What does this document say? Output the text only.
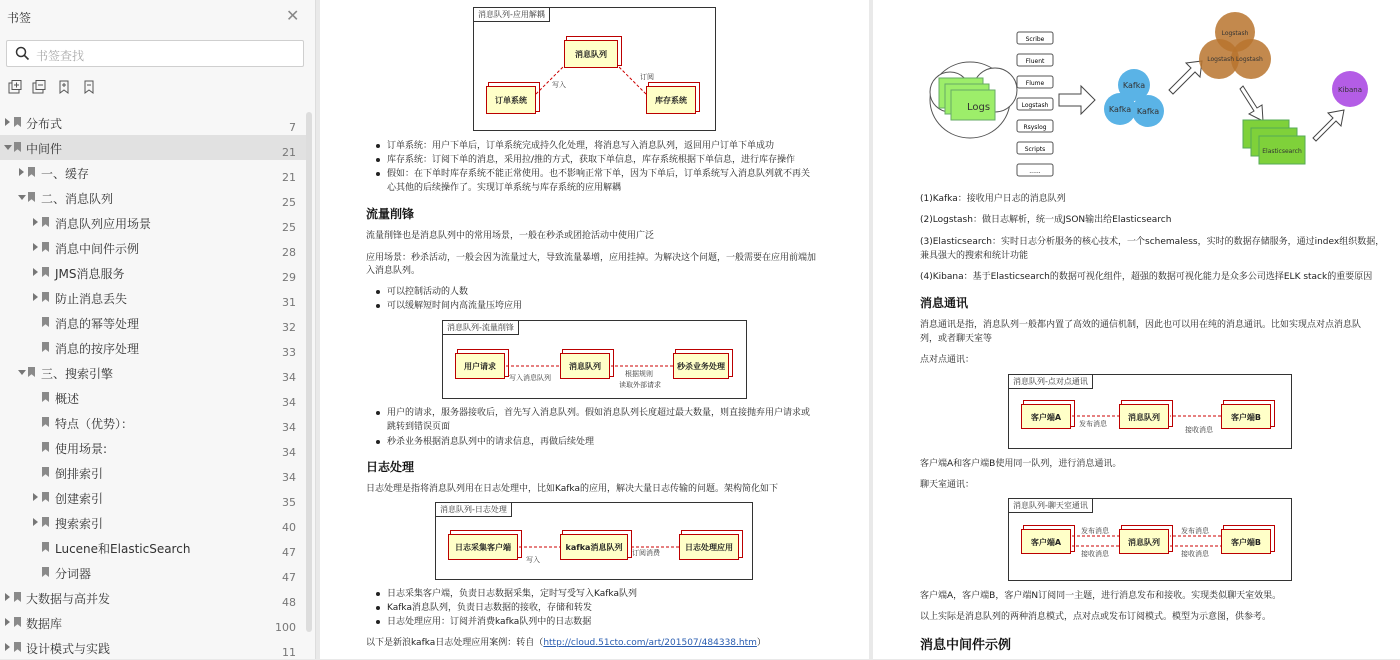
书签	✕
书签查找
分布式	7
中间件	21
一、缓存	21
二、消息队列	25
消息队列应用场景	25
消息中间件示例	28
JMS消息服务	29
防止消息丢失	31
消息的幂等处理	32
消息的按序处理	33
三、搜索引擎	34
概述	34
特点（优势）：	34
使用场景:	34
倒排索引	34
创建索引	35
搜索索引	40
Lucene和ElasticSearch	47
分词器	47
大数据与高并发	48
数据库	100
设计模式与实践	11
消息队列-应用解耦
消息队列
订单系统	库存系统
写入
订阅
订单系统：用户下单后，订单系统完成持久化处理，将消息写入消息队列，返回用户订单下单成功
库存系统：订阅下单的消息，采用拉/推的方式，获取下单信息，库存系统根据下单信息，进行库存操作
假如：在下单时库存系统不能正常使用。也不影响正常下单，因为下单后，订单系统写入消息队列就不再关
心其他的后续操作了。实现订单系统与库存系统的应用解耦
流量削锋
流量削锋也是消息队列中的常用场景，一般在秒杀或团抢活动中使用广泛
应用场景：秒杀活动，一般会因为流量过大，导致流量暴增，应用挂掉。为解决这个问题，一般需要在应用前端加
入消息队列。
可以控制活动的人数
可以缓解短时间内高流量压垮应用
消息队列-流量削锋
用户请求	消息队列	秒杀业务处理
写入消息队列	根据规则
读取外部请求
用户的请求，服务器接收后，首先写入消息队列。假如消息队列长度超过最大数量，则直接抛弃用户请求或
跳转到错误页面
秒杀业务根据消息队列中的请求信息，再做后续处理
日志处理
日志处理是指将消息队列用在日志处理中，比如Kafka的应用，解决大量日志传输的问题。架构简化如下
消息队列-日志处理
日志采集客户端	kafka消息队列	日志处理应用
写入
订阅消费
日志采集客户端，负责日志数据采集，定时写受写入Kafka队列
Kafka消息队列，负责日志数据的接收，存储和转发
日志处理应用：订阅并消费kafka队列中的日志数据
以下是新浪kafka日志处理应用案例：转自（http://cloud.51cto.com/art/201507/484338.htm）
Logs
Scribe
Fluent
Flume
Logstash
Rsyslog
Scripts
......
Kafka
Kafka Kafka
Logstash
Logstash Logstash
Elasticsearch
Kibana
(1)Kafka：接收用户日志的消息队列
(2)Logstash：做日志解析，统一成JSON输出给Elasticsearch
(3)Elasticsearch：实时日志分析服务的核心技术，一个schemaless，实时的数据存储服务，通过index组织数据，
兼具强大的搜索和统计功能
(4)Kibana：基于Elasticsearch的数据可视化组件，超强的数据可视化能力是众多公司选择ELK stack的重要原因
消息通讯
消息通讯是指，消息队列一般都内置了高效的通信机制，因此也可以用在纯的消息通讯。比如实现点对点消息队
列，或者聊天室等
点对点通讯：
消息队列-点对点通讯
客户端A	消息队列	客户端B
发布消息
接收消息
客户端A和客户端B使用同一队列，进行消息通讯。
聊天室通讯：
消息队列-聊天室通讯
客户端A	消息队列	客户端B
发布消息
接收消息
发布消息
接收消息
客户端A，客户端B，客户端N订阅同一主题，进行消息发布和接收。实现类似聊天室效果。
以上实际是消息队列的两种消息模式，点对点或发布订阅模式。模型为示意图，供参考。
消息中间件示例
